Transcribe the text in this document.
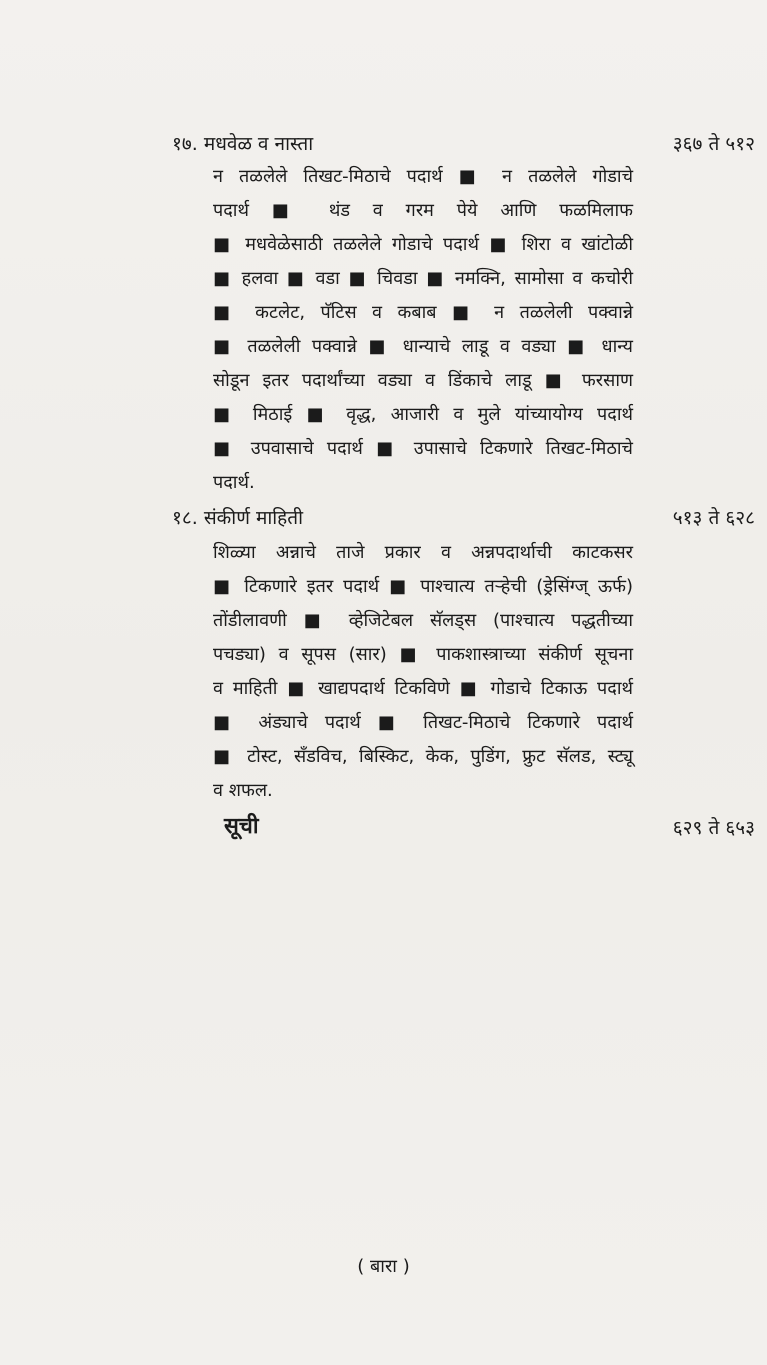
१७. मधवेळ व नास्ता	३६७ ते ५१२
न तळलेले तिखट-मिठाचे पदार्थ ■ न तळलेले गोडाचे
पदार्थ ■ थंड व गरम पेये आणि फळमिलाफ
■ मधवेळेसाठी तळलेले गोडाचे पदार्थ ■ शिरा व खांटोळी
■ हलवा ■ वडा ■ चिवडा ■ नमक्नि, सामोसा व कचोरी
■ कटलेट, पॅटिस व कबाब ■ न तळलेली पक्वान्ने
■ तळलेली पक्वान्ने ■ धान्याचे लाडू व वड्या ■ धान्य
सोडून इतर पदार्थांच्या वड्या व डिंकाचे लाडू ■ फरसाण
■ मिठाई ■ वृद्ध, आजारी व मुले यांच्यायोग्य पदार्थ
■ उपवासाचे पदार्थ ■ उपासाचे टिकणारे तिखट-मिठाचे
पदार्थ.
१८. संकीर्ण माहिती	५१३ ते ६२८
शिळ्या अन्नाचे ताजे प्रकार व अन्नपदार्थाची काटकसर
■ टिकणारे इतर पदार्थ ■ पाश्चात्य तऱ्हेची (ड्रेसिंग्ज् ऊर्फ)
तोंडीलावणी ■ व्हेजिटेबल सॅलड्स (पाश्चात्य पद्धतीच्या
पचड्या) व सूपस (सार) ■ पाकशास्त्राच्या संकीर्ण सूचना
व माहिती ■ खाद्यपदार्थ टिकविणे ■ गोडाचे टिकाऊ पदार्थ
■ अंड्याचे पदार्थ ■ तिखट-मिठाचे टिकणारे पदार्थ
■ टोस्ट, सँडविच, बिस्किट, केक, पुडिंग, फ्रुट सॅलड, स्ट्यू
व शफल.
सूची	६२९ ते ६५३
( बारा )
